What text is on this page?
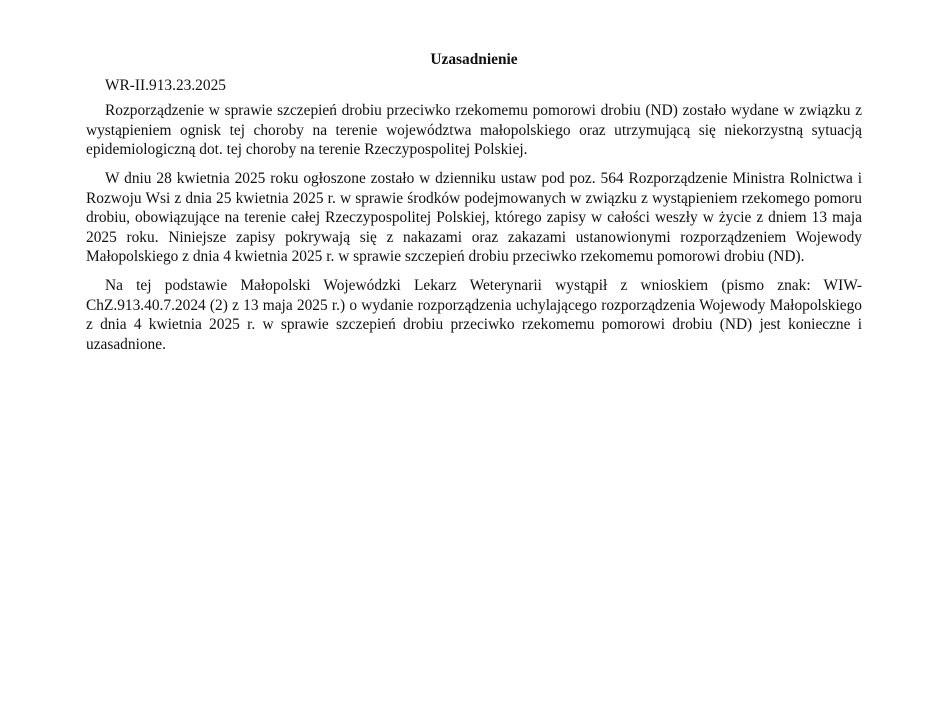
Uzasadnienie
WR-II.913.23.2025

Rozporządzenie w sprawie szczepień drobiu przeciwko rzekomemu pomorowi drobiu (ND) zostało wydane w związku z wystąpieniem ognisk tej choroby na terenie województwa małopolskiego oraz utrzymującą się niekorzystną sytuacją epidemiologiczną dot. tej choroby na terenie Rzeczypospolitej Polskiej.

W dniu 28 kwietnia 2025 roku ogłoszone zostało w dzienniku ustaw pod poz. 564 Rozporządzenie Ministra Rolnictwa i Rozwoju Wsi z dnia 25 kwietnia 2025 r. w sprawie środków podejmowanych w związku z wystąpieniem rzekomego pomoru drobiu, obowiązujące na terenie całej Rzeczypospolitej Polskiej, którego zapisy w całości weszły w życie z dniem 13 maja 2025 roku. Niniejsze zapisy pokrywają się z nakazami oraz zakazami ustanowionymi rozporządzeniem Wojewody Małopolskiego z dnia 4 kwietnia 2025 r. w sprawie szczepień drobiu przeciwko rzekomemu pomorowi drobiu (ND).

Na tej podstawie Małopolski Wojewódzki Lekarz Weterynarii wystąpił z wnioskiem (pismo znak: WIW-ChZ.913.40.7.2024 (2) z 13 maja 2025 r.) o wydanie rozporządzenia uchylającego rozporządzenia Wojewody Małopolskiego z dnia 4 kwietnia 2025 r. w sprawie szczepień drobiu przeciwko rzekomemu pomorowi drobiu (ND) jest konieczne i uzasadnione.
